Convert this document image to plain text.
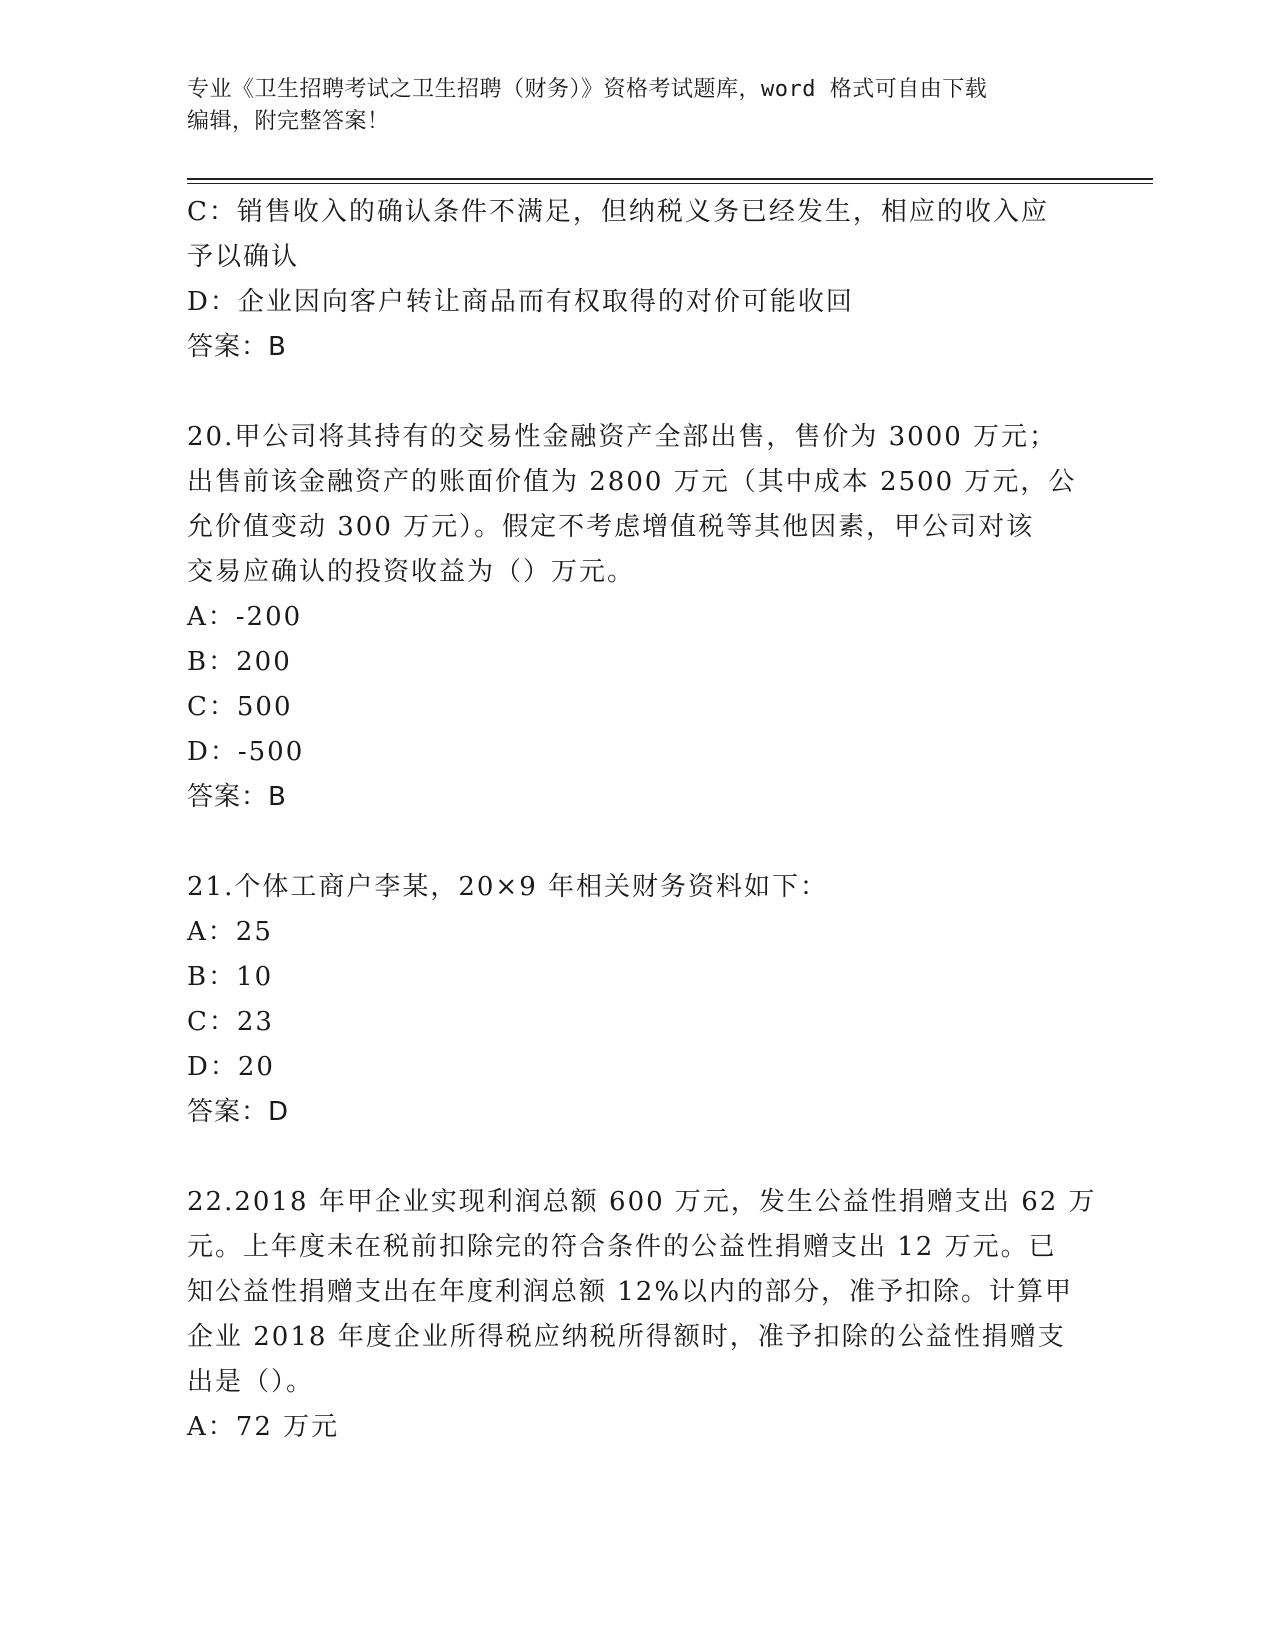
专业《卫生招聘考试之卫生招聘（财务）》资格考试题库，word 格式可自由下载
编辑，附完整答案！
C：销售收入的确认条件不满足，但纳税义务已经发生，相应的收入应
予以确认
D：企业因向客户转让商品而有权取得的对价可能收回
答案：B
20.甲公司将其持有的交易性金融资产全部出售，售价为 3000 万元；
出售前该金融资产的账面价值为 2800 万元（其中成本 2500 万元，公
允价值变动 300 万元）。假定不考虑增值税等其他因素，甲公司对该
交易应确认的投资收益为（）万元。
A：-200
B：200
C：500
D：-500
答案：B
21.个体工商户李某，20×9 年相关财务资料如下：
A：25
B：10
C：23
D：20
答案：D
22.2018 年甲企业实现利润总额 600 万元，发生公益性捐赠支出 62 万
元。上年度未在税前扣除完的符合条件的公益性捐赠支出 12 万元。已
知公益性捐赠支出在年度利润总额 12%以内的部分，准予扣除。计算甲
企业 2018 年度企业所得税应纳税所得额时，准予扣除的公益性捐赠支
出是（）。
A：72 万元
